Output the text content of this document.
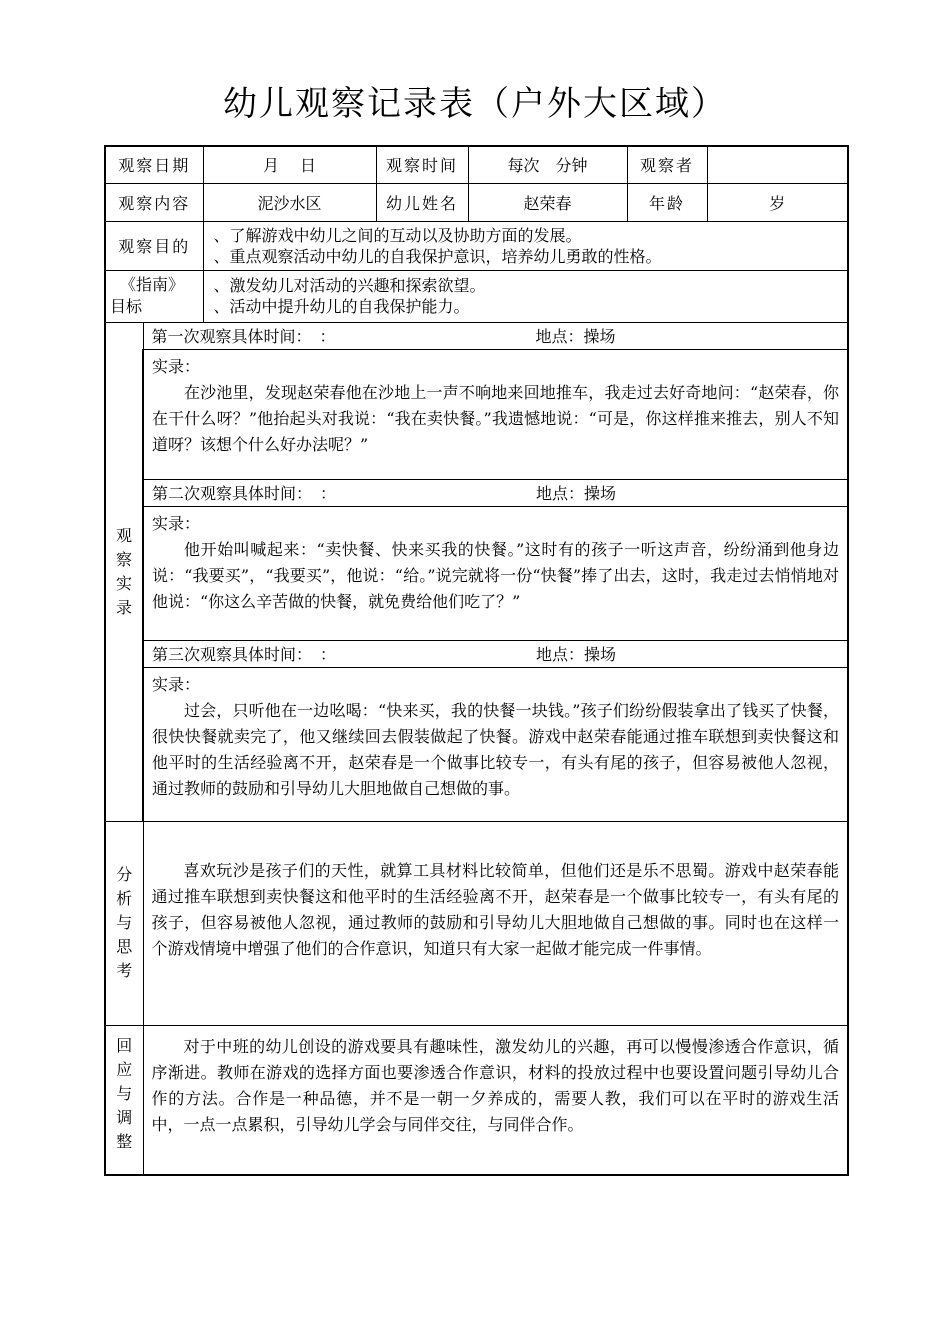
幼儿观察记录表（户外大区域）
观察日期		月　 日	观察时间	每次　分钟	观察者	
观察内容		泥沙水区	幼儿姓名	赵荣春	年龄	岁
观察目的		、了解游戏中幼儿之间的互动以及协助方面的发展。
、重点观察活动中幼儿的自我保护意识，培养幼儿勇敢的性格。				

《指南》
目标		、激发幼儿对活动的兴趣和探索欲望。
、活动中提升幼儿的自我保护能力。				

观
察
实
录	第一次观察具体时间：　： 地点：操场					

	实录：
在沙池里，发现赵荣春他在沙地上一声不响地来回地推车，我走过去好奇地问：“赵荣春，你在干什么呀？”他抬起头对我说：“我在卖快餐。”我遗憾地说：“可是，你这样推来推去，别人不知道呀？该想个什么好办法呢？”					

	第二次观察具体时间：　： 地点：操场					

	实录：
他开始叫喊起来：“卖快餐、快来买我的快餐。”这时有的孩子一听这声音，纷纷涌到他身边说：“我要买”，“我要买”，他说：“给。”说完就将一份“快餐”捧了出去，这时，我走过去悄悄地对他说：“你这么辛苦做的快餐，就免费给他们吃了？”					

	第三次观察具体时间：　： 地点：操场					

	实录：
过会，只听他在一边吆喝：“快来买，我的快餐一块钱。”孩子们纷纷假装拿出了钱买了快餐，很快快餐就卖完了，他又继续回去假装做起了快餐。游戏中赵荣春能通过推车联想到卖快餐这和他平时的生活经验离不开，赵荣春是一个做事比较专一，有头有尾的孩子，但容易被他人忽视，通过教师的鼓励和引导幼儿大胆地做自己想做的事。					

分
析
与
思
考	喜欢玩沙是孩子们的天性，就算工具材料比较简单，但他们还是乐不思蜀。游戏中赵荣春能通过推车联想到卖快餐这和他平时的生活经验离不开，赵荣春是一个做事比较专一，有头有尾的孩子，但容易被他人忽视，通过教师的鼓励和引导幼儿大胆地做自己想做的事。同时也在这样一个游戏情境中增强了他们的合作意识，知道只有大家一起做才能完成一件事情。					

回
应
与
调
整	对于中班的幼儿创设的游戏要具有趣味性，激发幼儿的兴趣，再可以慢慢渗透合作意识，循序渐进。教师在游戏的选择方面也要渗透合作意识，材料的投放过程中也要设置问题引导幼儿合作的方法。合作是一种品德，并不是一朝一夕养成的，需要人教，我们可以在平时的游戏生活中，一点一点累积，引导幼儿学会与同伴交往，与同伴合作。					
